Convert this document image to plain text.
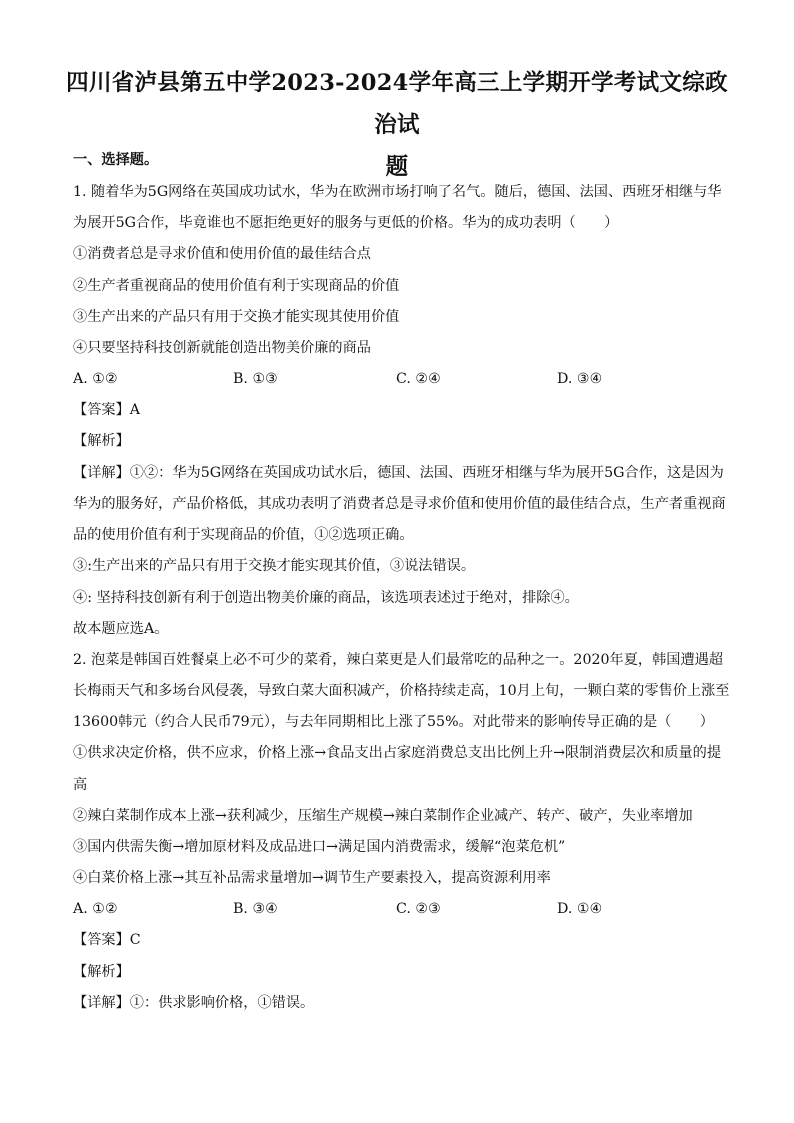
四川省泸县第五中学2023-2024学年高三上学期开学考试文综政治试
题
一、选择题。
1. 随着华为5G网络在英国成功试水，华为在欧洲市场打响了名气。随后，德国、法国、西班牙相继与华
为展开5G合作，毕竟谁也不愿拒绝更好的服务与更低的价格。华为的成功表明（　　）
①消费者总是寻求价值和使用价值的最佳结合点
②生产者重视商品的使用价值有利于实现商品的价值
③生产出来的产品只有用于交换才能实现其使用价值
④只要坚持科技创新就能创造出物美价廉的商品
A. ①②	B. ①③	C. ②④	D. ③④
【答案】A
【解析】
【详解】①②：华为5G网络在英国成功试水后，德国、法国、西班牙相继与华为展开5G合作，这是因为
华为的服务好，产品价格低，其成功表明了消费者总是寻求价值和使用价值的最佳结合点，生产者重视商
品的使用价值有利于实现商品的价值，①②选项正确。
③:生产出来的产品只有用于交换才能实现其价值，③说法错误。
④: 坚持科技创新有利于创造出物美价廉的商品，该选项表述过于绝对，排除④。
故本题应选A。
2. 泡菜是韩国百姓餐桌上必不可少的菜肴，辣白菜更是人们最常吃的品种之一。2020年夏，韩国遭遇超
长梅雨天气和多场台风侵袭，导致白菜大面积减产，价格持续走高，10月上旬，一颗白菜的零售价上涨至
13600韩元（约合人民币79元），与去年同期相比上涨了55%。对此带来的影响传导正确的是（　　）
①供求决定价格，供不应求，价格上涨→食品支出占家庭消费总支出比例上升→限制消费层次和质量的提
高
②辣白菜制作成本上涨→获利减少，压缩生产规模→辣白菜制作企业减产、转产、破产，失业率增加
③国内供需失衡→增加原材料及成品进口→满足国内消费需求，缓解“泡菜危机”
④白菜价格上涨→其互补品需求量增加→调节生产要素投入，提高资源利用率
A. ①②	B. ③④	C. ②③	D. ①④
【答案】C
【解析】
【详解】①：供求影响价格，①错误。
